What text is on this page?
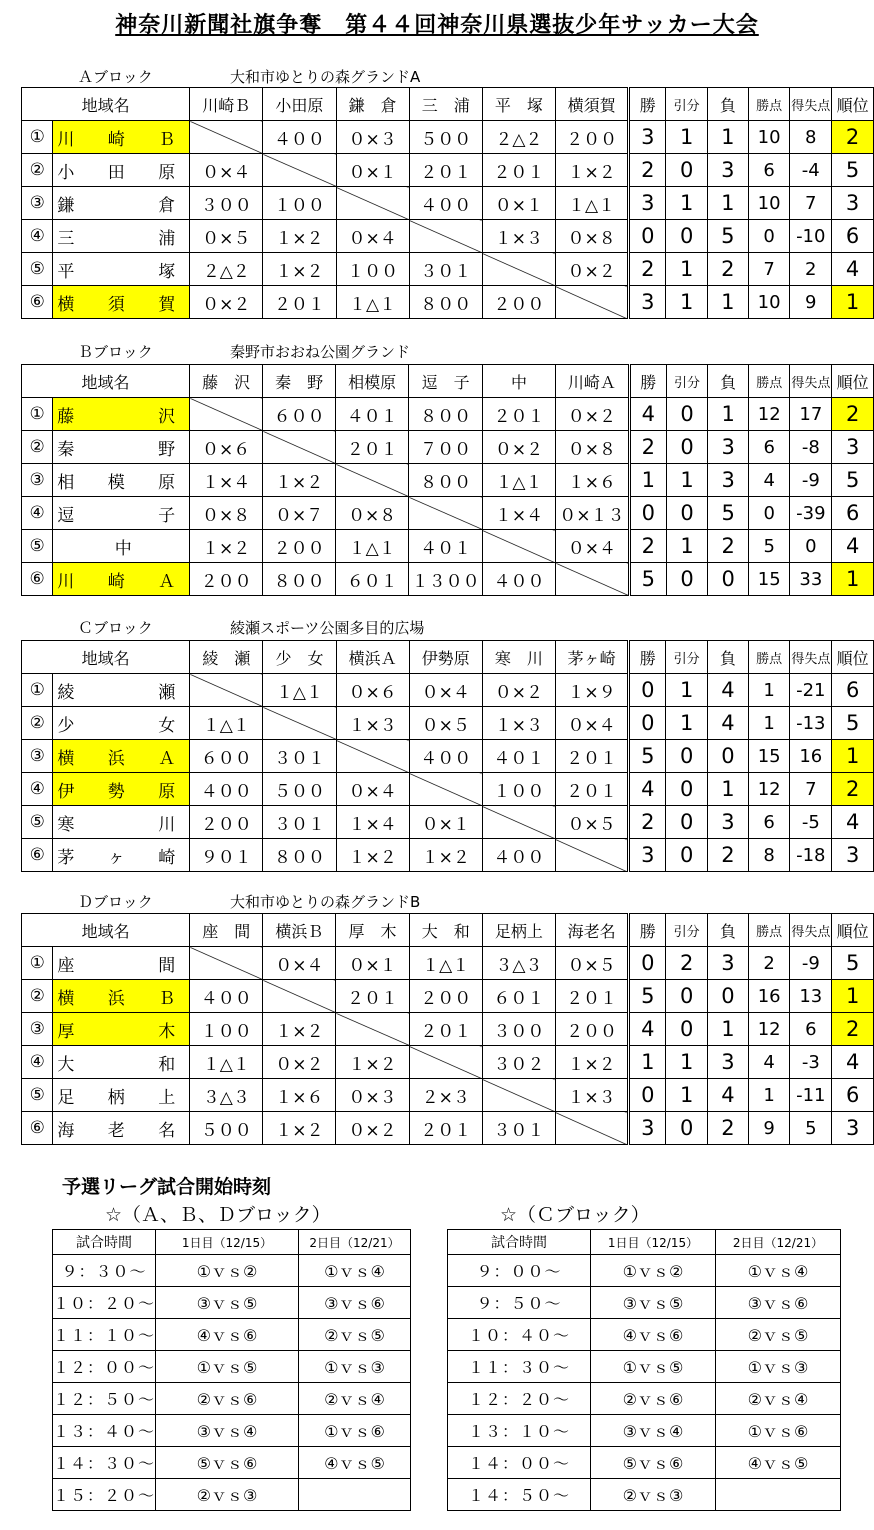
神奈川新聞社旗争奪　第４４回神奈川県選抜少年サッカー大会
Ａブロック	大和市ゆとりの森グランドA
地域名		川崎Ｂ	小田原	鎌　倉	三　浦	平　塚	横須賀	勝	引分	負	勝点	得失点	順位
①	川 崎 Ｂ		４００	０×３	５００	２△２	２００	3	1	1	10	8	2
②	小 田 原	０×４		０×１	２０１	２０１	１×２	2	0	3	6	-4	5
③	鎌 　 倉	３００	１００		４００	０×１	１△１	3	1	1	10	7	3
④	三 　 浦	０×５	１×２	０×４		１×３	０×８	0	0	5	0	-10	6
⑤	平 　 塚	２△２	１×２	１００	３０１		０×２	2	1	2	7	2	4
⑥	横 須 賀	０×２	２０１	１△１	８００	２００		3	1	1	10	9	1
Ｂブロック	秦野市おおね公園グランド
地域名		藤　沢	秦　野	相模原	逗　子	中	川崎Ａ	勝	引分	負	勝点	得失点	順位
①	藤 　 沢		６００	４０１	８００	２０１	０×２	4	0	1	12	17	2
②	秦 　 野	０×６		２０１	７００	０×２	０×８	2	0	3	6	-8	3
③	相 模 原	１×４	１×２		８００	１△１	１×６	1	1	3	4	-9	5
④	逗 　 子	０×８	０×７	０×８		１×４	０×１３	0	0	5	0	-39	6
⑤	中	１×２	２００	１△１	４０１		０×４	2	1	2	5	0	4
⑥	川 崎 Ａ	２００	８００	６０１	１３００	４００		5	0	0	15	33	1
Ｃブロック	綾瀬スポーツ公園多目的広場
地域名		綾　瀬	少　女	横浜Ａ	伊勢原	寒　川	茅ヶ崎	勝	引分	負	勝点	得失点	順位
①	綾 　 瀬		１△１	０×６	０×４	０×２	１×９	0	1	4	1	-21	6
②	少 　 女	１△１		１×３	０×５	１×３	０×４	0	1	4	1	-13	5
③	横 浜 Ａ	６００	３０１		４００	４０１	２０１	5	0	0	15	16	1
④	伊 勢 原	４００	５００	０×４		１００	２０１	4	0	1	12	7	2
⑤	寒 　 川	２００	３０１	１×４	０×１		０×５	2	0	3	6	-5	4
⑥	茅 ヶ 崎	９０１	８００	１×２	１×２	４００		3	0	2	8	-18	3
Ｄブロック	大和市ゆとりの森グランドB
地域名		座　間	横浜Ｂ	厚　木	大　和	足柄上	海老名	勝	引分	負	勝点	得失点	順位
①	座 　 間		０×４	０×１	１△１	３△３	０×５	0	2	3	2	-9	5
②	横 浜 Ｂ	４００		２０１	２００	６０１	２０１	5	0	0	16	13	1
③	厚 　 木	１００	１×２		２０１	３００	２００	4	0	1	12	6	2
④	大 　 和	１△１	０×２	１×２		３０２	１×２	1	1	3	4	-3	4
⑤	足 柄 上	３△３	１×６	０×３	２×３		１×３	0	1	4	1	-11	6
⑥	海 老 名	５００	１×２	０×２	２０１	３０１		3	0	2	9	5	3
予選リーグ試合開始時刻
☆（Ａ、Ｂ、Ｄブロック）	☆（Ｃブロック）
試合時間	1日目（12/15）	2日目（12/21）
９：３０～	①ｖｓ②	①ｖｓ④
１０：２０～	③ｖｓ⑤	③ｖｓ⑥
１１：１０～	④ｖｓ⑥	②ｖｓ⑤
１２：００～	①ｖｓ⑤	①ｖｓ③
１２：５０～	②ｖｓ⑥	②ｖｓ④
１３：４０～	③ｖｓ④	①ｖｓ⑥
１４：３０～	⑤ｖｓ⑥	④ｖｓ⑤
１５：２０～	②ｖｓ③	
試合時間	1日目（12/15）	2日目（12/21）
９：００～	①ｖｓ②	①ｖｓ④
９：５０～	③ｖｓ⑤	③ｖｓ⑥
１０：４０～	④ｖｓ⑥	②ｖｓ⑤
１１：３０～	①ｖｓ⑤	①ｖｓ③
１２：２０～	②ｖｓ⑥	②ｖｓ④
１３：１０～	③ｖｓ④	①ｖｓ⑥
１４：００～	⑤ｖｓ⑥	④ｖｓ⑤
１４：５０～	②ｖｓ③	
